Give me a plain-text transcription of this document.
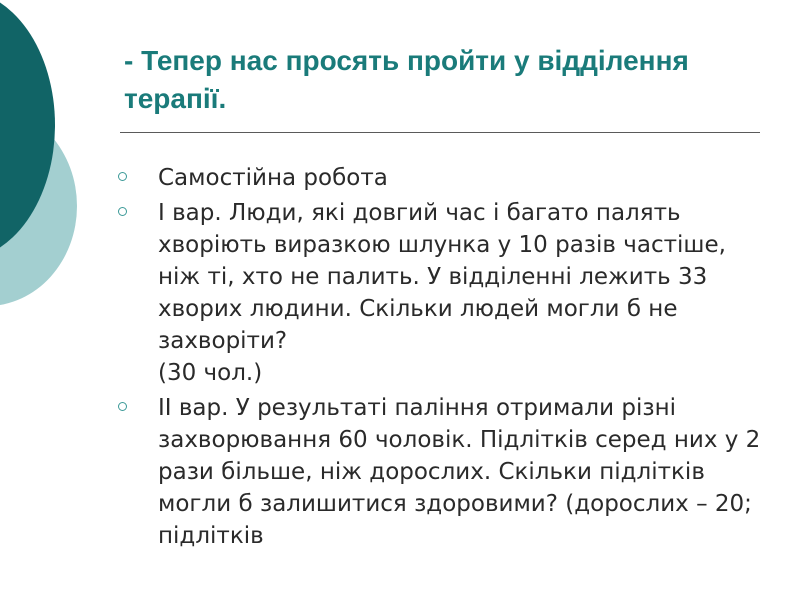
- Тепер нас просять пройти у відділення терапії.
Самостійна робота
І вар. Люди, які довгий час і багато палять хворіють виразкою шлунка у 10 разів частіше, ніж ті, хто не палить. У відділенні лежить 33 хворих людини. Скільки людей могли б не захворіти?
(30 чол.)
ІІ вар. У результаті паління отримали різні захворювання 60 чоловік. Підлітків серед них у 2 рази більше, ніж дорослих. Скільки підлітків могли б залишитися здоровими? (дорослих – 20; підлітків
